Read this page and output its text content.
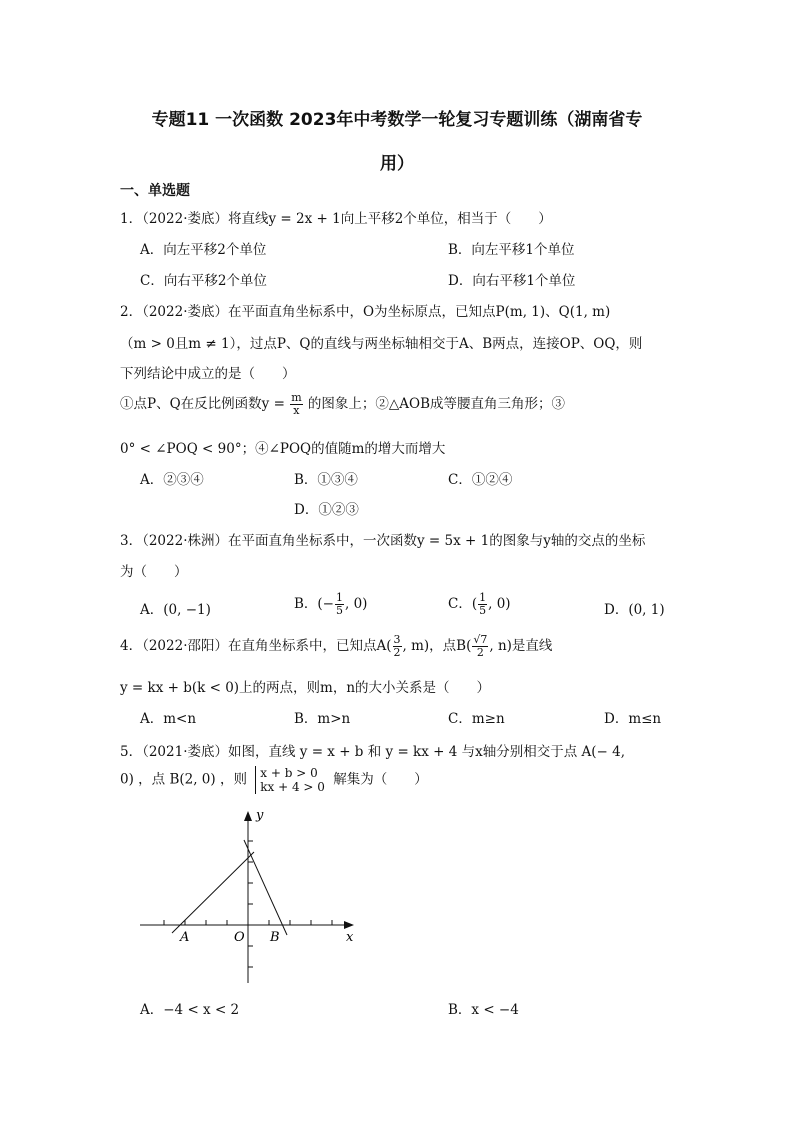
专题11 一次函数 2023年中考数学一轮复习专题训练（湖南省专
用）
一、单选题
1．（2022·娄底）将直线y = 2x + 1向上平移2个单位，相当于（　　）
A．向左平移2个单位	B．向左平移1个单位
C．向右平移2个单位	D．向右平移1个单位
2．（2022·娄底）在平面直角坐标系中，O为坐标原点，已知点P(m, 1)、Q(1, m)
（m > 0且m ≠ 1），过点P、Q的直线与两坐标轴相交于A、B两点，连接OP、OQ，则
下列结论中成立的是（　　）
①点P、Q在反比例函数$y = \frac{m}{x}$ 的图象上；②△AOB成等腰直角三角形；③
0° < ∠POQ < 90°；④∠POQ的值随m的增大而增大
A．②③④	B．①③④	C．①②④
D．①②③
3．（2022·株洲）在平面直角坐标系中，一次函数y = 5x + 1的图象与y轴的交点的坐标
为（　　）
A．(0, −1)	B．(− $\frac{1}{5}$ , 0)	C．( $\frac{1}{5}$ , 0)	D．(0, 1)
4．（2022·邵阳）在直角坐标系中，已知点$A( \frac{3}{2}$ , m)，点$B( \frac{√7}{2}$ , n)是直线
y = kx + b(k < 0)上的两点，则m，n的大小关系是（　　）
A．m<n	B．m>n	C．m≥n	D．m≤n
5．（2021·娄底）如图，直线 y = x + b 和 y = kx + 4 与x轴分别相交于点 A(− 4,
0) ，点 B(2, 0) ，则 x + b > 0
kx + 4 > 0 解集为（　　）
y
x
O
A	B
A．−4 < x < 2	B．x < −4
